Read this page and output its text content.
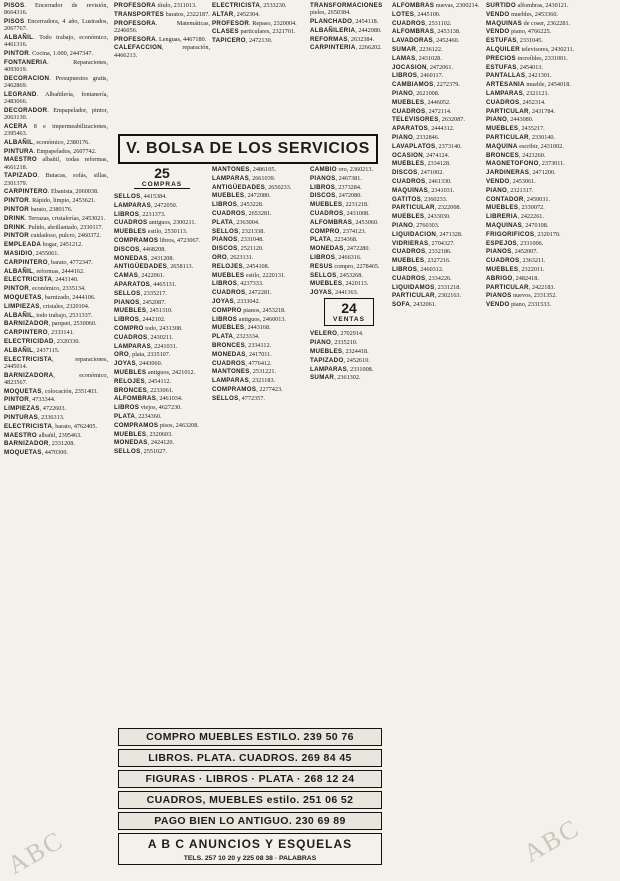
PISOS. Encerrador de revisión, 8664316.

PISOS Encerradora, 4 año, Lustrados, 2067767.

ALBAÑIL. Todo trabajo, económico, 4461316.

PINTOR. Cocina, 1.000, 2447347.

FONTANERIA. Reparaciones, 4093019.

DECORACION. Presupuestos gratis, 2462869.

LEGRAND. Albañilería, fontanería, 2483066.

DECORADOR. Empapelador, pintor, 2063130.

ACERA 8 e impermeabilizaciones, 2395463.

ALBAÑIL, económico, 2380176.

PINTURA. Empapelados, 2607742.

MAESTRO albañil, todas reformas, 4661218.

TAPIZADO. Butacas, sofás, sillas, 2301379.

CARPINTERO. Ebanista, 2060038.

PINTOR. Rápido, limpio, 2453621.

PINTOR barato, 2380176.

DRINK. Terrazas, cristalerías, 2453021.

DRINK. Pulido, abrillantado, 2330117.

PINTOR cuidadoso, pulcro, 2460372.

EMPLEADA hogar, 2451212.

MASIDIO, 2455061.

CARPINTERO, barato, 4772347.

ALBAÑIL, reformas, 2444162.

ELECTRICISTA, 2443140.

PINTOR, económico, 2335134.

MOQUETAS, barnizado, 2444106.

LIMPIEZAS, cristales, 2320104.

ALBAÑIL, todo trabajo, 2531337.

BARNIZADOR, parquet, 2530060.

CARPINTERO, 2333141.

ELECTRICIDAD, 2320330.

ALBAÑIL, 2437115.

ELECTRICISTA, reparaciones, 2445014.

BARNIZADORA, económico, 4823567.

MOQUETAS, colocación, 2351403.

PINTOR, 4733344.

LIMPIEZAS, 4722603.

PINTURAS, 2336313.

ELECTRICISTA, barato, 4762405.

MAESTRO albañil, 2395463.

BARNIZADOR, 2331208.

MOQUETAS, 4470300.

PROFESORA título, 2311013.

TRANSPORTES baratos, 2322187.

PROFESORA. Matemáticas, 2246056.

PROFESORA. Lenguas, 4467180.

CALEFACCION, reparación, 4466213.

ELECTRICISTA, 2533230.

ALTAR, 2452304.

PROFESOR. Repaso, 2320004.

CLASES particulares, 2321701.

TAPICERO, 2472130.

TRANSFORMACIONES pieles, 2650384.

PLANCHADO, 2454118.

ALBAÑILERIA, 2442080.

REFORMAS, 2632384.

CARPINTERIA, 2266202.

V. BOLSA DE LOS SERVICIOS
25
COMPRAS

SELLOS, 4415384.

LAMPARAS, 2472050.

LIBROS, 2231373.

CUADROS antiguos, 2300211.

MUEBLES estilo, 2530113.

COMPRAMOS libros, 4723067.

DISCOS, 4468208.

MONEDAS, 2431208.

ANTIGÜEDADES, 2658113.

CAMAS, 2422061.

APARATOS, 4465131.

SELLOS, 2335217.

PIANOS, 2452087.

MUEBLES, 2451310.

LIBROS, 2442102.

COMPRO todo, 2431308.

CUADROS, 2430211.

LAMPARAS, 2241031.

ORO, plata, 2335107.

JOYAS, 2443060.

MUEBLES antiguos, 2421012.

RELOJES, 2454112.

BRONCES, 2233061.

ALFOMBRAS, 2461034.

LIBROS viejos, 4627230.

PLATA, 2234360.

COMPRAMOS pisos, 2463208.

MUEBLES, 2320603.

MONEDAS, 2424120.

SELLOS, 2551027.

MANTONES, 2486105.

LAMPARAS, 2661039.

ANTIGÜEDADES, 2650233.

MUEBLES, 2472080.

LIBROS, 2453228.

CUADROS, 2653281.

PLATA, 2363004.

SELLOS, 2321338.

PIANOS, 2331048.

DISCOS, 2521120.

ORO, 2623131.

RELOJES, 2454108.

MUEBLES estilo, 2220131.

LIBROS, 4237333.

CUADROS, 2472281.

JOYAS, 2333042.

COMPRO pianos, 2453218.

LIBROS antiguos, 2460013.

MUEBLES, 2443168.

PLATA, 2323334.

BRONCES, 2334112.

MONEDAS, 2417011.

CUADROS, 4776412.

MANTONES, 2531221.

LAMPARAS, 2321183.

COMPRAMOS, 2277423.

SELLOS, 4772357.

CAMBIO oro, 2360213.

PIANOS, 2467381.

LIBROS, 2373284.

DISCOS, 2472080.

MUEBLES, 2231218.

CUADROS, 2431008.

ALFOMBRAS, 2453060.

COMPRO, 2374123.

PLATA, 2234368.

MONEDAS, 2472280.

LIBROS, 2466316.

RESUS compro, 2278465.

SELLOS, 2453268.

MUEBLES, 2420113.

JOYAS, 2441363.

24
VENTAS

VELERO, 2702914.

PIANO, 2335210.

MUEBLES, 2324418.

TAPIZADO, 2452610.

LAMPARAS, 2331008.

SUMAR, 2361302.

ALFOMBRAS nuevas, 2300214.

LOTES, 2445100.

CUADROS, 2531102.

ALFOMBRAS, 2453138.

LAVADORAS, 2452460.

SUMAR, 2236122.

LAMAS, 2431028.

JOCASION, 2472061.

LIBROS, 2460117.

CAMBIAMOS, 2272379.

PIANO, 2621008.

MUEBLES, 2446052.

CUADROS, 2472114.

TELEVISORES, 2632087.

APARATOS, 2444312.

PIANO, 2332846.

LAVAPLATOS, 2373140.

OCASION, 2474124.

MUEBLES, 2334128.

DISCOS, 2471002.

CUADROS, 2461330.

MAQUINAS, 2341031.

GATITOS, 2360233.

PARTICULAR, 2322008.

MUEBLES, 2433030.

PIANO, 2760303.

LIQUIDACION, 2471328.

VIDRIERAS, 2704327.

CUADROS, 2332186.

MUEBLES, 2327216.

LIBROS, 2460312.

CUADROS, 2334226.

LIQUIDAMOS, 2331218.

PARTICULAR, 2302163.

SOFA, 2432061.

SURTIDO alfombras, 2430121.

VENDO muebles, 2453360.

MAQUINAS de coser, 2362281.

VENDO piano, 4766225.

ESTUFAS, 2331045.

ALQUILER televisores, 2430211.

PRECIOS increíbles, 2331001.

ESTUFAS, 2454013.

PANTALLAS, 2421301.

ARTESANIA mueble, 2454018.

LAMPARAS, 2321121.

CUADROS, 2452314.

PARTICULAR, 2431784.

PIANO, 2443080.

MUEBLES, 2435217.

PARTICULAR, 2330140.

MAQUINA escribir, 2431002.

BRONCES, 2423260.

MAGNETOFONO, 2373011.

JARDINERAS, 2471200.

VENDO, 2453061.

PIANO, 2321317.

CONTADOR, 2450031.

MUEBLES, 2330072.

LIBRERIA, 2422261.

MAQUINAS, 2470108.

FRIGORIFICOS, 2320170.

ESPEJOS, 2331006.

PIANOS, 2452007.

CUADROS, 2363211.

MUEBLES, 2322011.

ABRIGO, 2482418.

PARTICULAR, 2422183.

PIANOS nuevos, 2331352.

VENDO piano, 2331533.

COMPRO MUEBLES ESTILO. 239 50 76
LIBROS. PLATA. CUADROS. 269 84 45
FIGURAS · LIBROS · PLATA · 268 12 24
CUADROS, MUEBLES estilo. 251 06 52
PAGO BIEN LO ANTIGUO. 230 69 89
A B C ANUNCIOS Y ESQUELAS
TELS. 257 10 20 y 225 08 38 · PALABRAS	ABC
ABC
